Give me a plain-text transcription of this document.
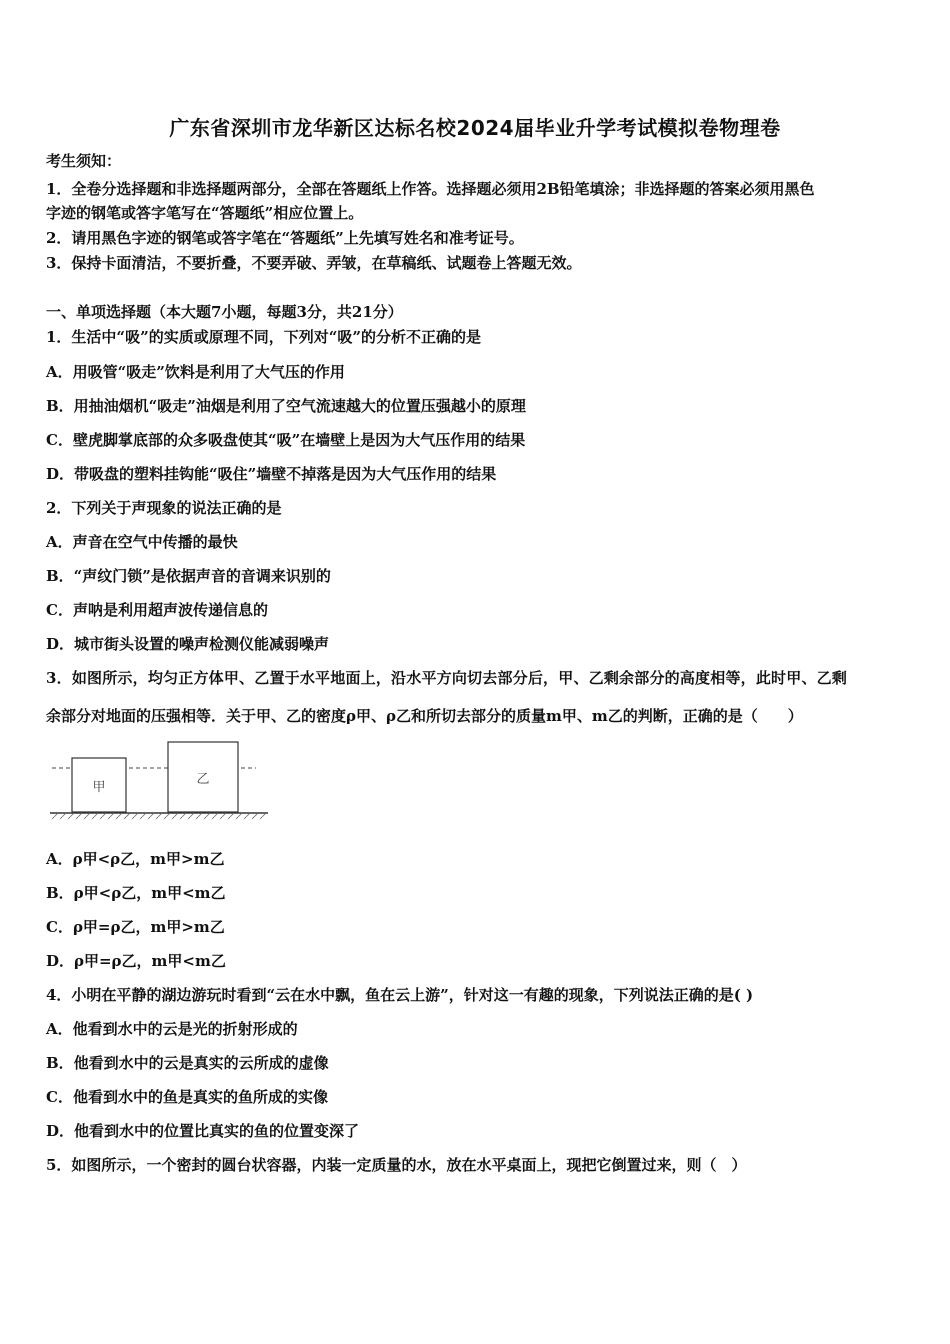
广东省深圳市龙华新区达标名校2024届毕业升学考试模拟卷物理卷
考生须知：
1．全卷分选择题和非选择题两部分，全部在答题纸上作答。选择题必须用2B铅笔填涂；非选择题的答案必须用黑色
字迹的钢笔或答字笔写在“答题纸”相应位置上。
2．请用黑色字迹的钢笔或答字笔在“答题纸”上先填写姓名和准考证号。
3．保持卡面清洁，不要折叠，不要弄破、弄皱，在草稿纸、试题卷上答题无效。
一、单项选择题（本大题7小题，每题3分，共21分）
1．生活中“吸”的实质或原理不同，下列对“吸”的分析不正确的是
A．用吸管“吸走”饮料是利用了大气压的作用
B．用抽油烟机“吸走”油烟是利用了空气流速越大的位置压强越小的原理
C．壁虎脚掌底部的众多吸盘使其“吸”在墙壁上是因为大气压作用的结果
D．带吸盘的塑料挂钩能“吸住”墙壁不掉落是因为大气压作用的结果
2．下列关于声现象的说法正确的是
A．声音在空气中传播的最快
B．“声纹门锁”是依据声音的音调来识别的
C．声呐是利用超声波传递信息的
D．城市街头设置的噪声检测仪能减弱噪声
3．如图所示，均匀正方体甲、乙置于水平地面上，沿水平方向切去部分后，甲、乙剩余部分的高度相等，此时甲、乙剩
余部分对地面的压强相等．关于甲、乙的密度ρ甲、ρ乙和所切去部分的质量m甲、m乙的判断，正确的是（　　）
甲
乙
A．ρ甲<ρ乙，m甲>m乙
B．ρ甲<ρ乙，m甲<m乙
C．ρ甲=ρ乙，m甲>m乙
D．ρ甲=ρ乙，m甲<m乙
4．小明在平静的湖边游玩时看到“云在水中飘，鱼在云上游”，针对这一有趣的现象，下列说法正确的是( )
A．他看到水中的云是光的折射形成的
B．他看到水中的云是真实的云所成的虚像
C．他看到水中的鱼是真实的鱼所成的实像
D．他看到水中的位置比真实的鱼的位置变深了
5．如图所示，一个密封的圆台状容器，内装一定质量的水，放在水平桌面上，现把它倒置过来，则（　）
